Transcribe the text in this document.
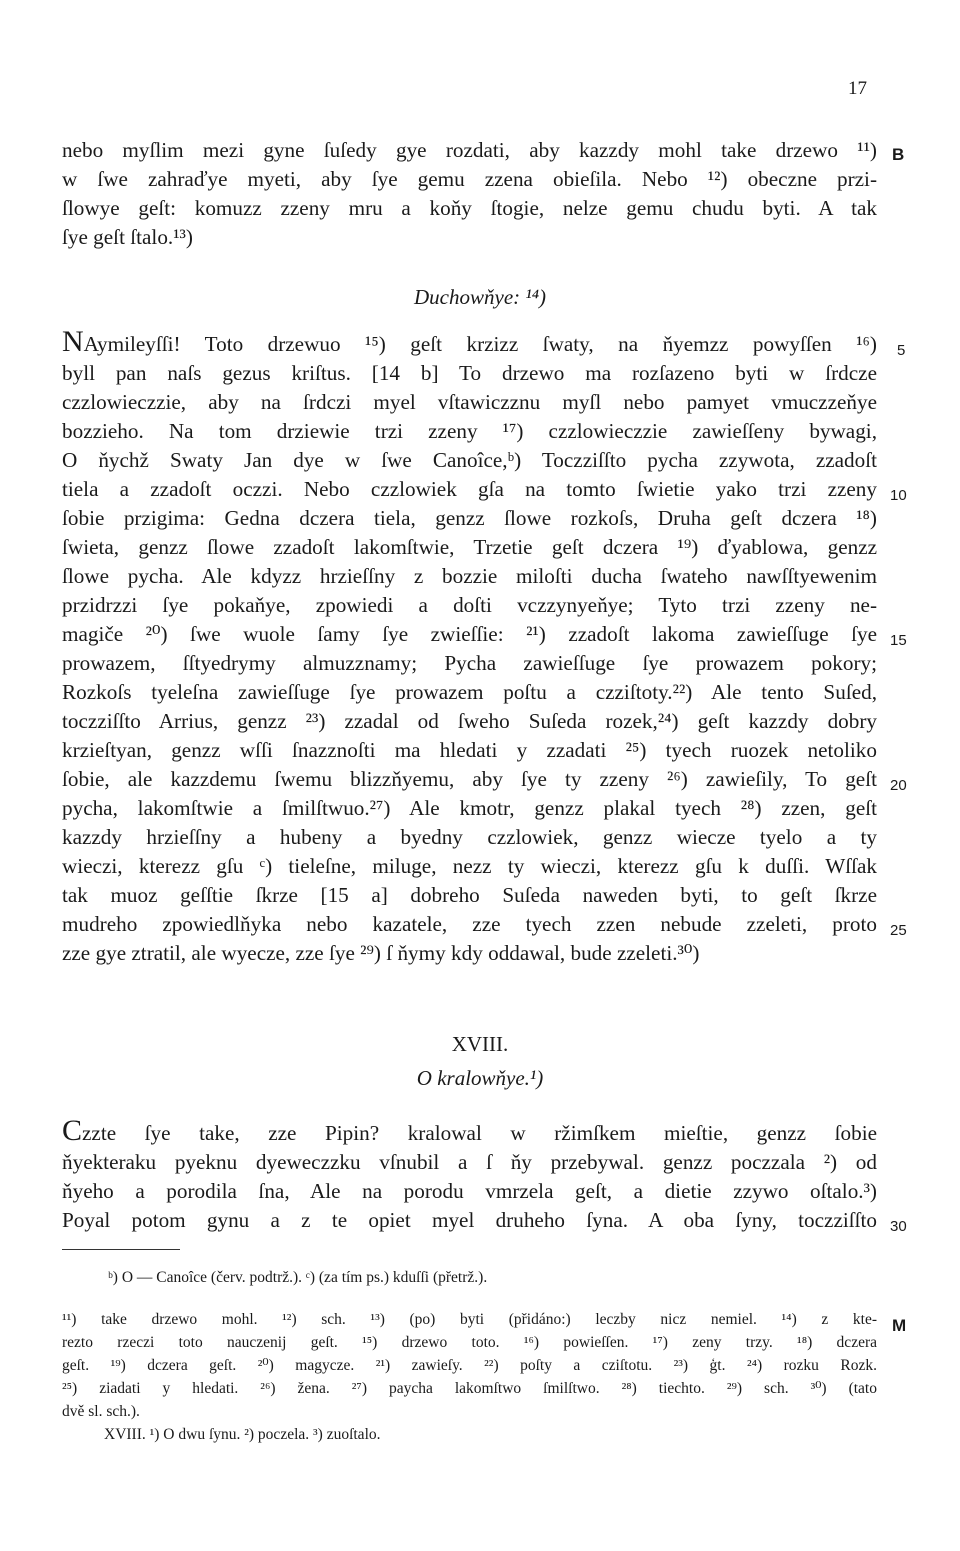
17
nebo myſlim mezi gyne ſuſedy gye rozdati, aby kazzdy mohl take drzewo ¹¹)
w ſwe zahraďye myeti, aby ſye gemu zzena obieſila. Nebo ¹²) obeczne przi-
ſlowye geſt: komuzz zzeny mru a koňy ſtogie, nelze gemu chudu byti. A tak
ſye geſt ſtalo.¹³)
B
Duchowňye: ¹⁴)
NAymileyſſi! Toto drzewuo ¹⁵) geſt krzizz ſwaty, na ňyemzz powyſſen ¹⁶)
byll pan naſs gezus kriſtus. [14 b] To drzewo ma rozſazeno byti w ſrdcze
czzlowieczzie, aby na ſrdczi myel vſtawiczznu myſl nebo pamyet vmuczzeňye
bozzieho. Na tom drziewie trzi zzeny ¹⁷) czzlowieczzie zawieſſeny bywagi,
O ňychž Swaty Jan dye w ſwe Canoîce,ᵇ) Toczziſſto pycha zzywota, zzadoſt
tiela a zzadoſt oczzi. Nebo czzlowiek gſa na tomto ſwietie yako trzi zzeny
ſobie przigima: Gedna dczera tiela, genzz ſlowe rozkoſs, Druha geſt dczera ¹⁸)
ſwieta, genzz ſlowe zzadoſt lakomſtwie, Trzetie geſt dczera ¹⁹) ďyablowa, genzz
ſlowe pycha. Ale kdyzz hrzieſſny z bozzie miloſti ducha ſwateho nawſſtyewenim
przidrzzi ſye pokaňye, zpowiedi a doſti vczzynyeňye; Tyto trzi zzeny ne-
magiče ²⁰) ſwe wuole ſamy ſye zwieſſie: ²¹) zzadoſt lakoma zawieſſuge ſye
prowazem, ſſtyedrymy almuzznamy; Pycha zawieſſuge ſye prowazem pokory;
Rozkoſs tyeleſna zawieſſuge ſye prowazem poſtu a czziſtoty.²²) Ale tento Suſed,
toczziſſto Arrius, genzz ²³) zzadal od ſweho Suſeda rozek,²⁴) geſt kazzdy dobry
krzieſtyan, genzz wſſi ſnazznoſti ma hledati y zzadati ²⁵) tyech ruozek netoliko
ſobie, ale kazzdemu ſwemu blizzňyemu, aby ſye ty zzeny ²⁶) zawieſily, To geſt
pycha, lakomſtwie a ſmilſtwuo.²⁷) Ale kmotr, genzz plakal tyech ²⁸) zzen, geſt
kazzdy hrzieſſny a hubeny a byedny czzlowiek, genzz wiecze tyelo a ty
wieczi, kterezz gſu ᶜ) tieleſne, miluge, nezz ty wieczi, kterezz gſu k duſſi. Wſſak
tak muoz geſſtie ſkrze [15 a] dobreho Suſeda naweden byti, to geſt ſkrze
mudreho zpowiedlňyka nebo kazatele, zze tyech zzen nebude zzeleti, proto
zze gye ztratil, ale wyecze, zze ſye ²⁹) ſ ňymy kdy oddawal, bude zzeleti.³⁰)
5
10
15
20
25
XVIII.
O kralowňye.¹)
Czzte ſye take, zze Pipin? kralowal w ržimſkem mieſtie, genzz ſobie
ňyekteraku pyeknu dyeweczzku vſnubil a ſ ňy przebywal. genzz poczzala ²) od
ňyeho a porodila ſna, Ale na porodu vmrzela geſt, a dietie zzywo oſtalo.³)
Poyal potom gynu a z te opiet myel druheho ſyna. A oba ſyny, toczziſſto 30
ᵇ) O — Canoîce (červ. podtrž.). ᶜ) (za tím ps.) kduſſi (přetrž.).
¹¹) take drzewo mohl. ¹²) sch. ¹³) (po) byti (přidáno:) leczby nicz nemiel. ¹⁴) z kte-
rezto rzeczi toto nauczenij geſt. ¹⁵) drzewo toto. ¹⁶) powieſſen. ¹⁷) zeny trzy. ¹⁸) dczera
geſt. ¹⁹) dczera geſt. ²⁰) magycze. ²¹) zawieſy. ²²) poſty a cziſtotu. ²³) ģt. ²⁴) rozku Rozk.
²⁵) ziadati y hledati. ²⁶) žena. ²⁷) paycha lakomſtwo ſmilſtwo. ²⁸) tiechto. ²⁹) sch. ³⁰) (tato
dvě sl. sch.).
XVIII. ¹) O dwu ſynu. ²) poczela. ³) zuoſtalo.
M
